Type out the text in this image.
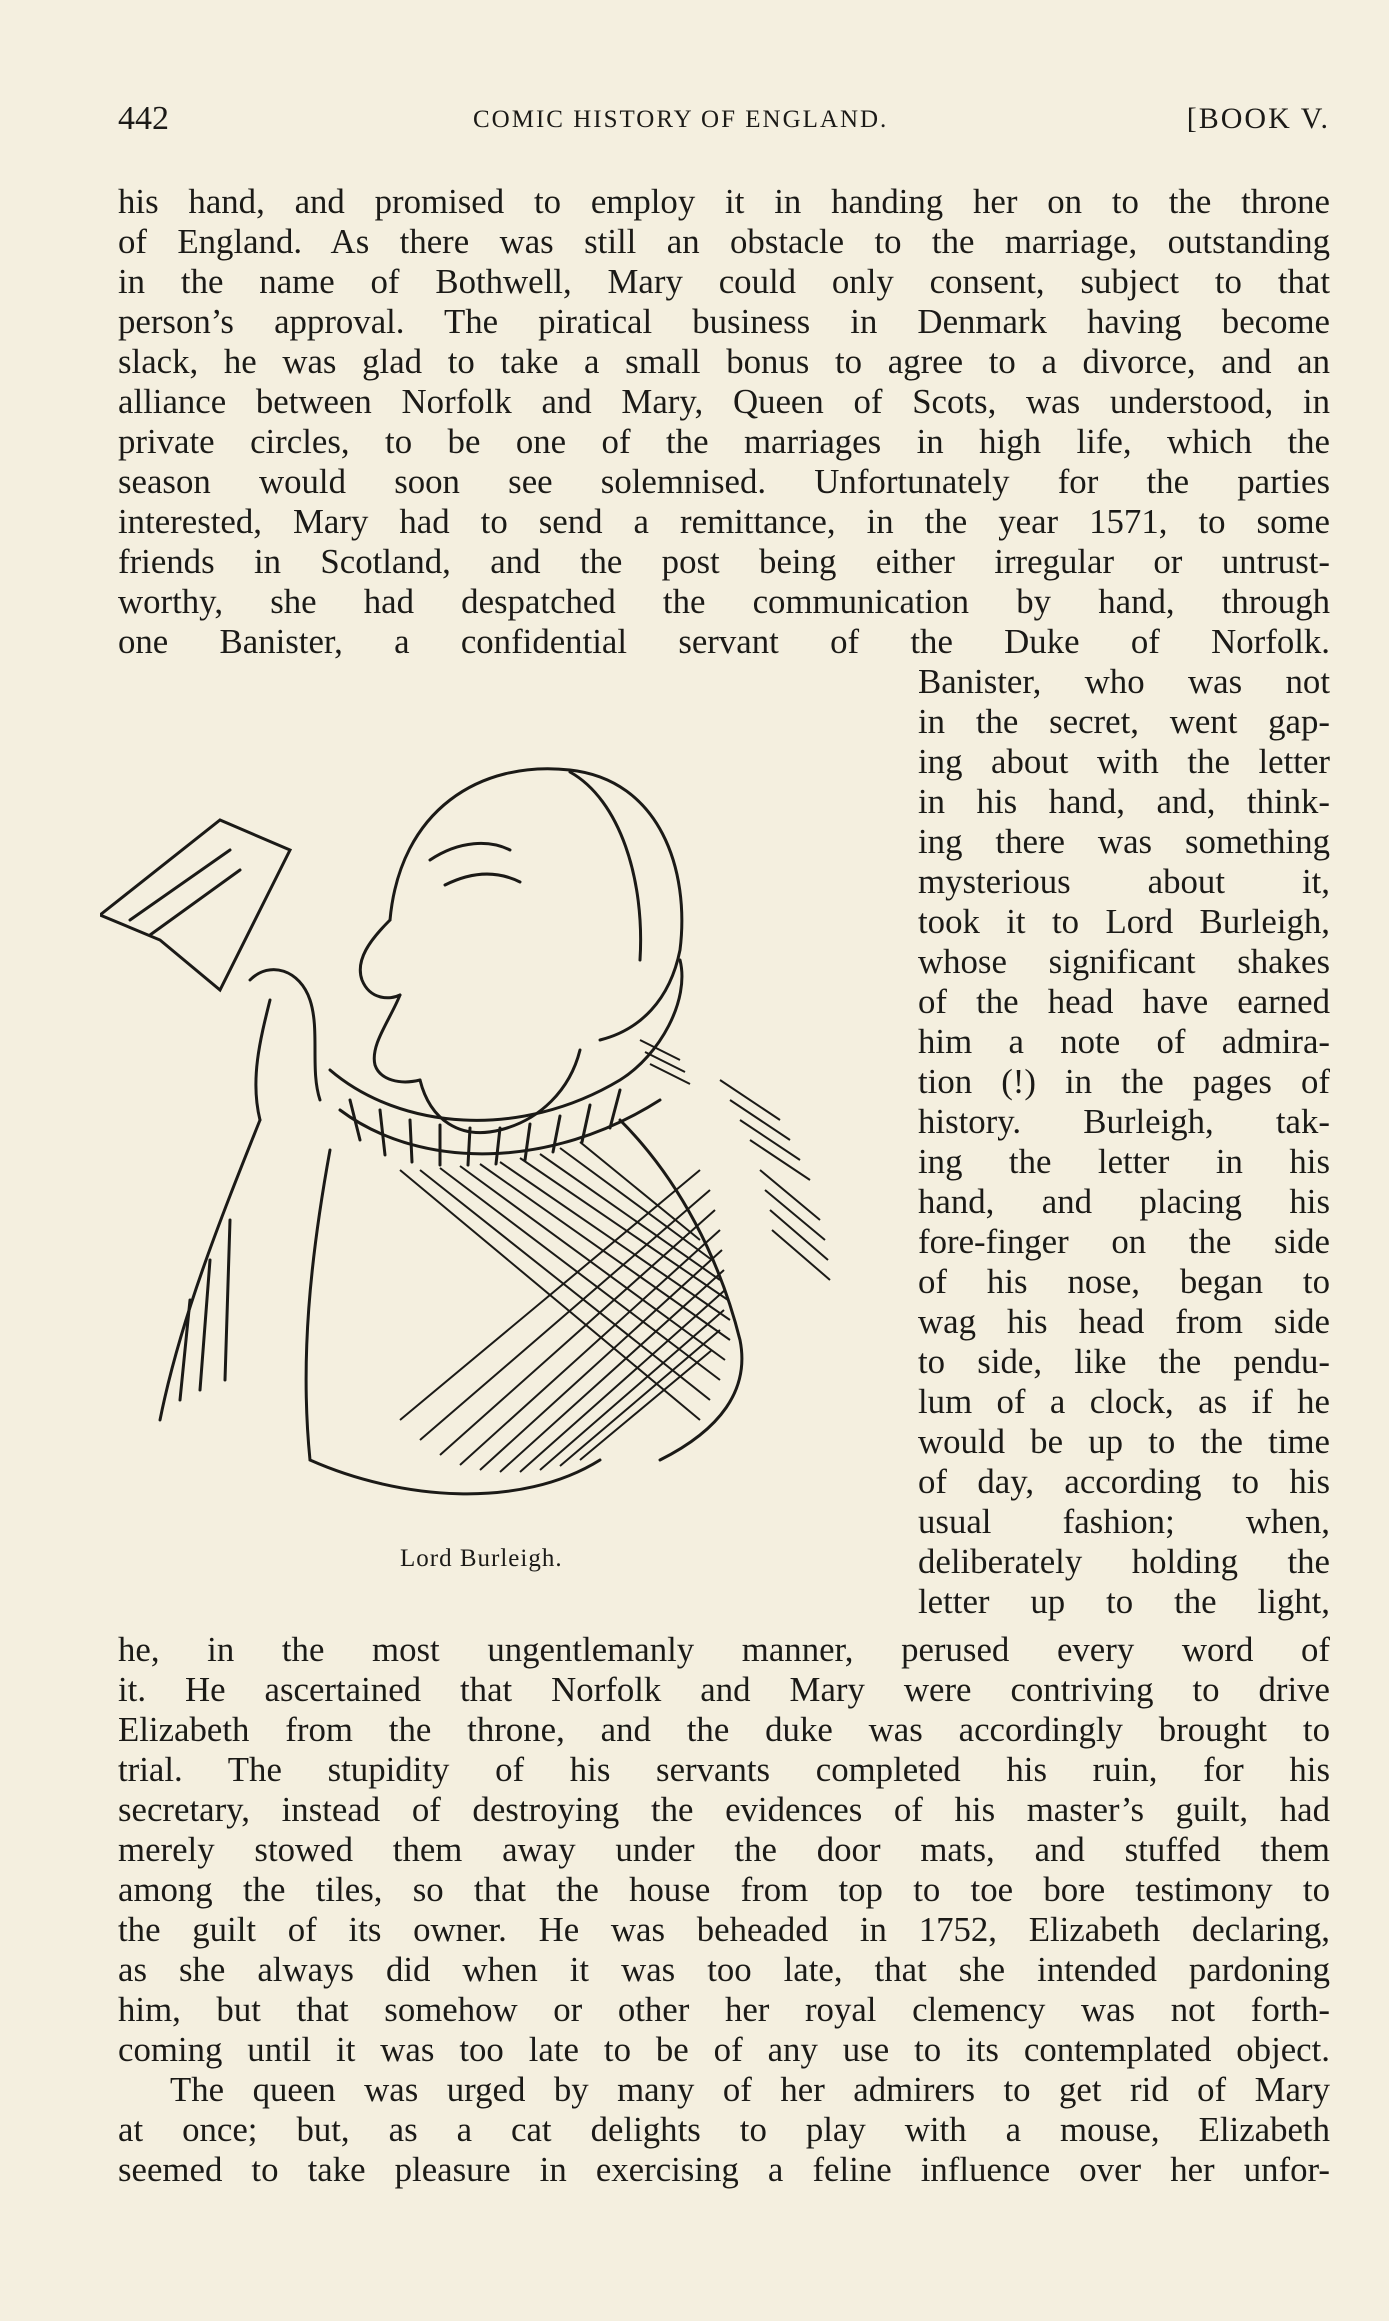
442	COMIC HISTORY OF ENGLAND.	[BOOK V.
his hand, and promised to employ it in handing her on to the throne
of England. As there was still an obstacle to the marriage, outstanding
in the name of Bothwell, Mary could only consent, subject to that
person’s approval. The piratical business in Denmark having become
slack, he was glad to take a small bonus to agree to a divorce, and an
alliance between Norfolk and Mary, Queen of Scots, was understood, in
private circles, to be one of the marriages in high life, which the
season would soon see solemnised. Unfortunately for the parties
interested, Mary had to send a remittance, in the year 1571, to some
friends in Scotland, and the post being either irregular or untrust-
worthy, she had despatched the communication by hand, through
one Banister, a confidential servant of the Duke of Norfolk.
Lord Burleigh.
Banister, who was not
in the secret, went gap-
ing about with the letter
in his hand, and, think-
ing there was something
mysterious about it,
took it to Lord Burleigh,
whose significant shakes
of the head have earned
him a note of admira-
tion (!) in the pages of
history. Burleigh, tak-
ing the letter in his
hand, and placing his
fore-finger on the side
of his nose, began to
wag his head from side
to side, like the pendu-
lum of a clock, as if he
would be up to the time
of day, according to his
usual fashion; when,
deliberately holding the
letter up to the light,
he, in the most ungentlemanly manner, perused every word of
it. He ascertained that Norfolk and Mary were contriving to drive
Elizabeth from the throne, and the duke was accordingly brought to
trial. The stupidity of his servants completed his ruin, for his
secretary, instead of destroying the evidences of his master’s guilt, had
merely stowed them away under the door mats, and stuffed them
among the tiles, so that the house from top to toe bore testimony to
the guilt of its owner. He was beheaded in 1752, Elizabeth declaring,
as she always did when it was too late, that she intended pardoning
him, but that somehow or other her royal clemency was not forth-
coming until it was too late to be of any use to its contemplated object.
The queen was urged by many of her admirers to get rid of Mary
at once; but, as a cat delights to play with a mouse, Elizabeth
seemed to take pleasure in exercising a feline influence over her unfor-
